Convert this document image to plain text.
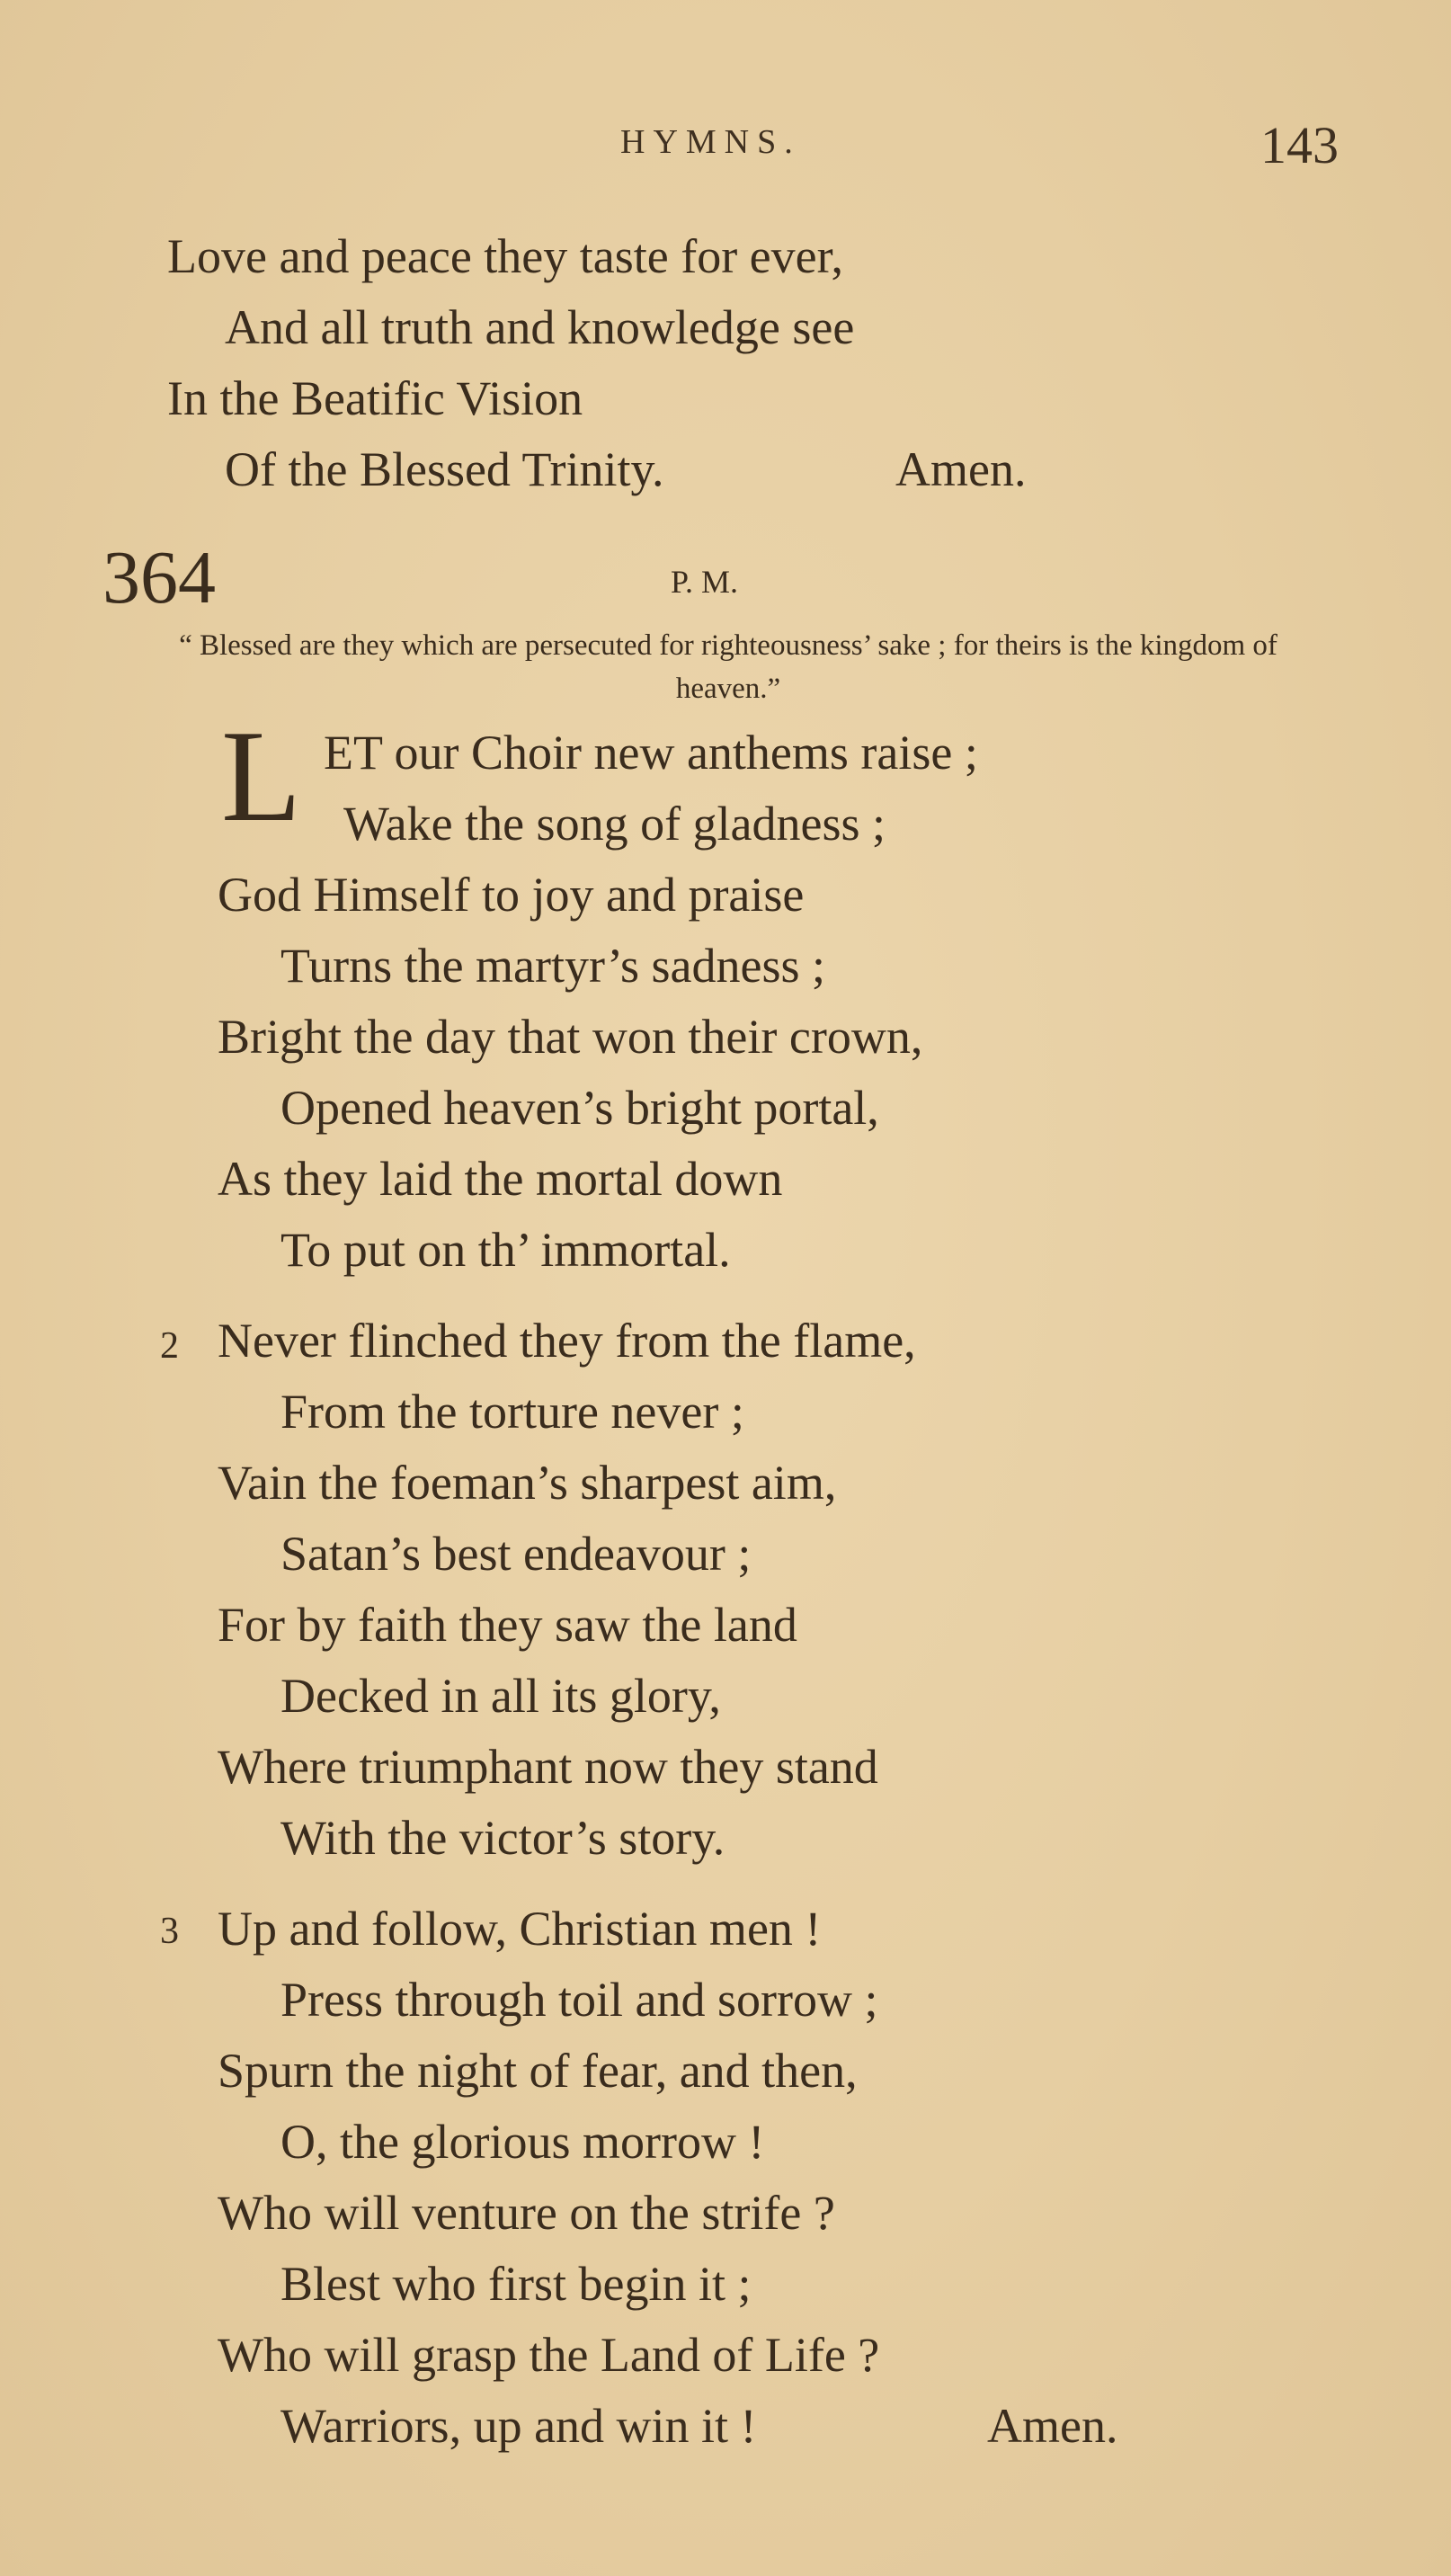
HYMNS.	143
Love and peace they taste for ever,
And all truth and knowledge see
In the Beatific Vision
Of the Blessed Trinity.	Amen.
364	P. M.
“ Blessed are they which are persecuted for righteousness’ sake ; for theirs is the kingdom of heaven.”
L ET our Choir new anthems raise ;
Wake the song of gladness ;
God Himself to joy and praise
Turns the martyr’s sadness ;
Bright the day that won their crown,
Opened heaven’s bright portal,
As they laid the mortal down
To put on th’ immortal.
2 Never flinched they from the flame,
From the torture never ;
Vain the foeman’s sharpest aim,
Satan’s best endeavour ;
For by faith they saw the land
Decked in all its glory,
Where triumphant now they stand
With the victor’s story.
3 Up and follow, Christian men !
Press through toil and sorrow ;
Spurn the night of fear, and then,
O, the glorious morrow !
Who will venture on the strife ?
Blest who first begin it ;
Who will grasp the Land of Life ?
Warriors, up and win it !	Amen.
